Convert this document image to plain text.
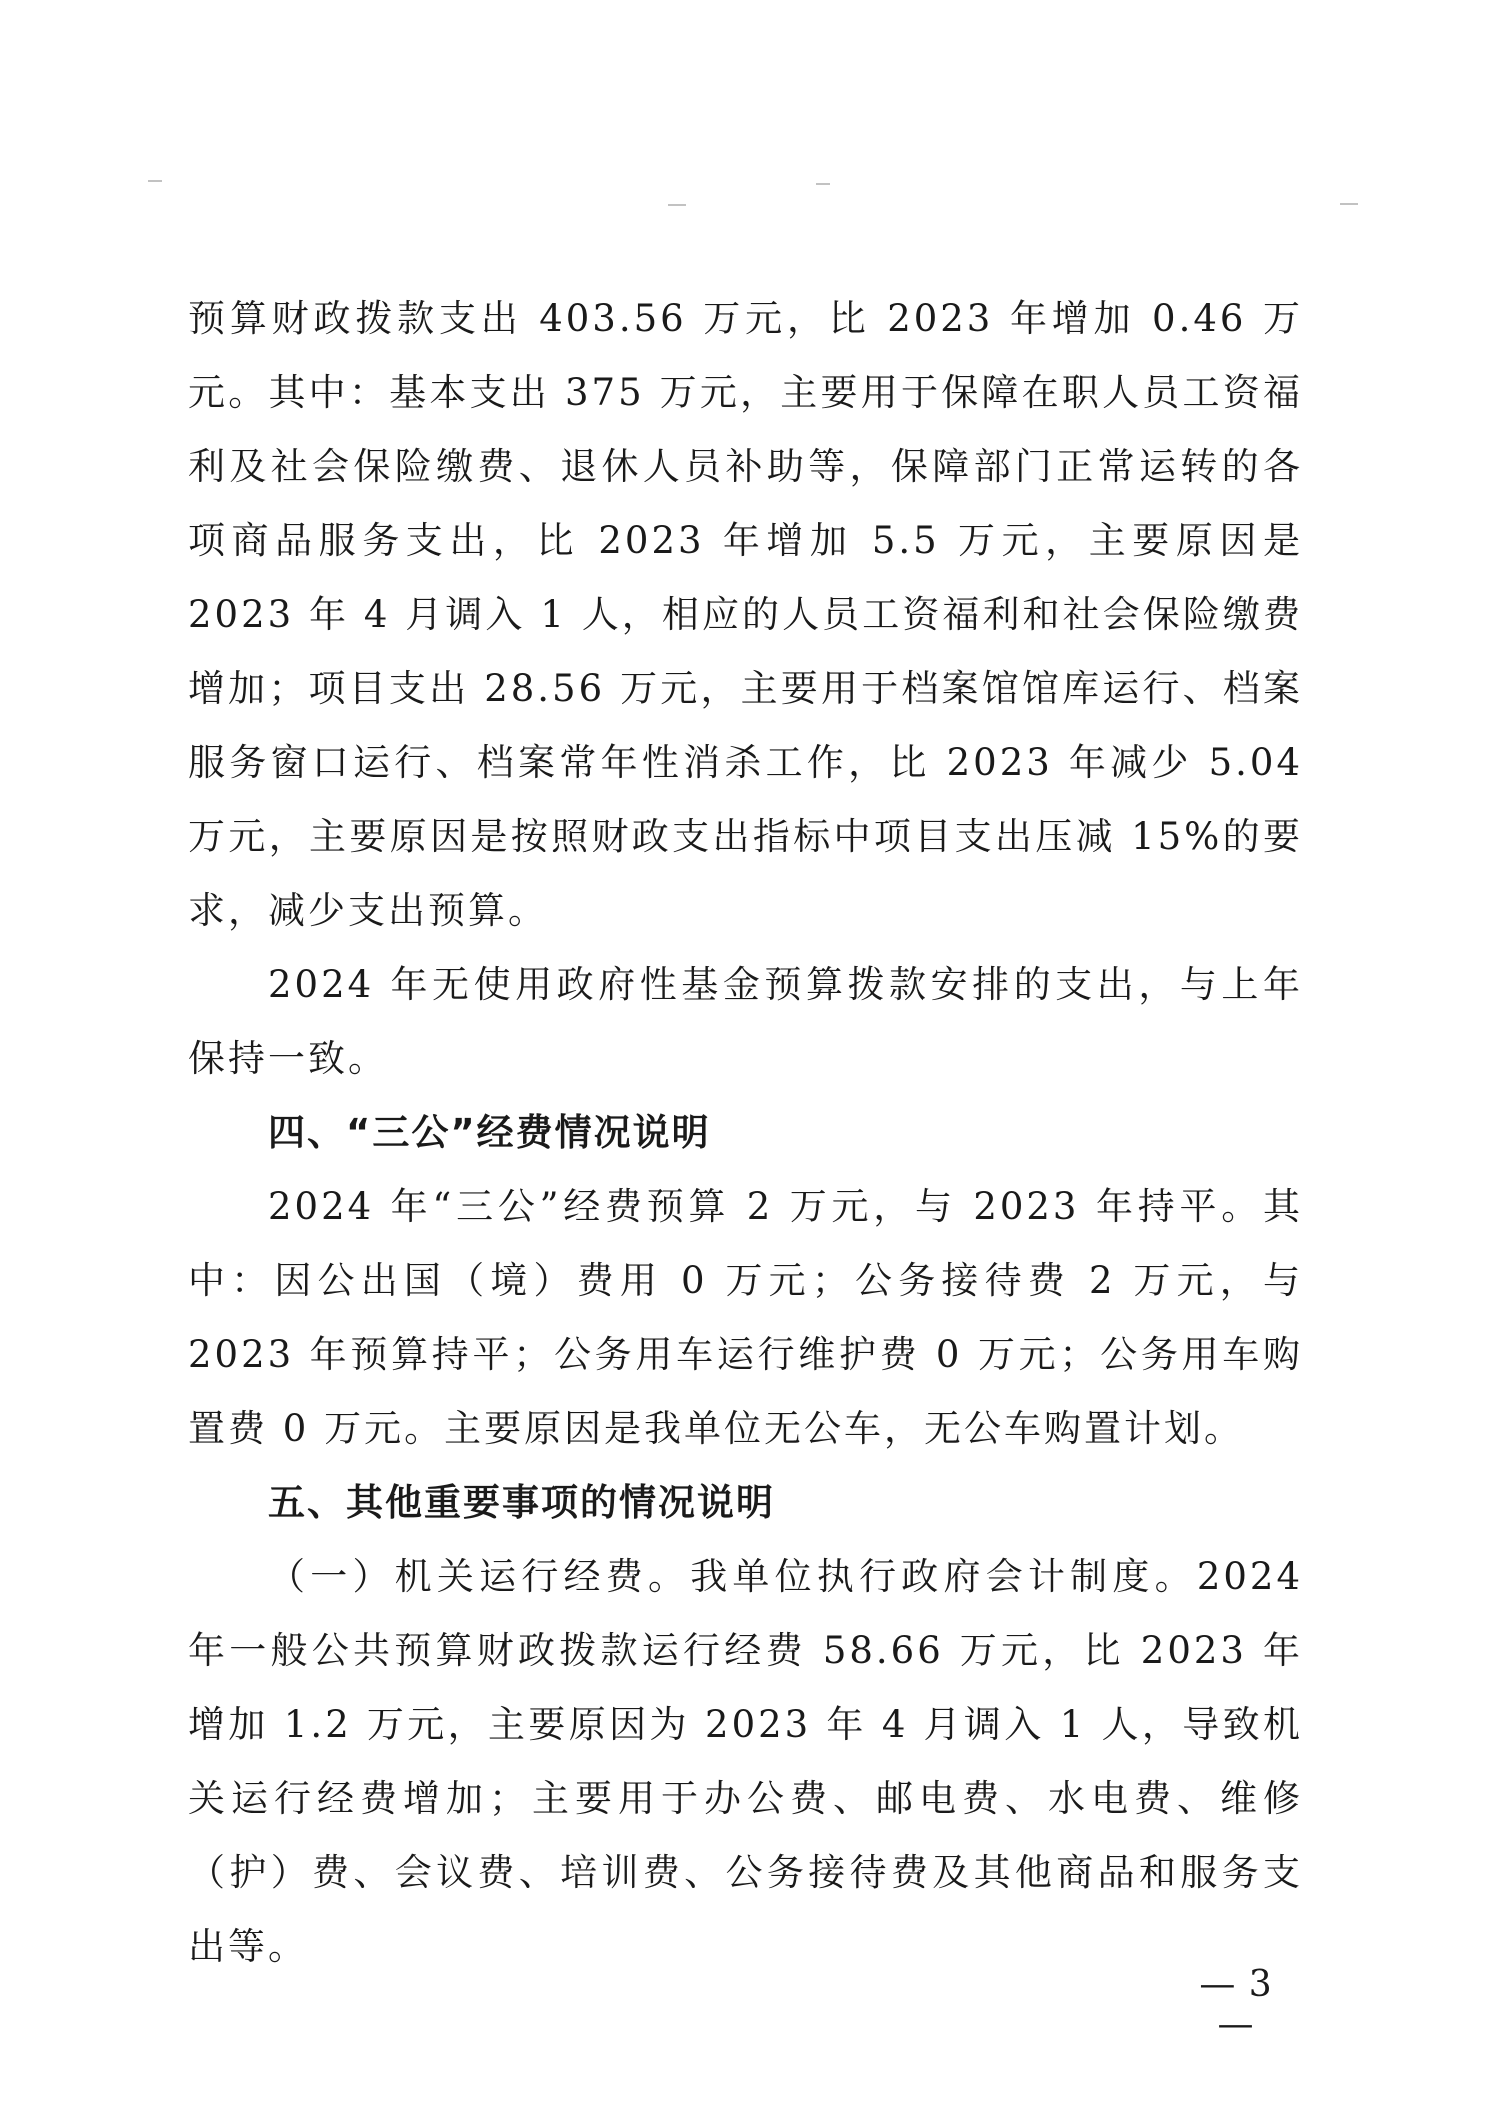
预算财政拨款支出 403.56 万元，比 2023 年增加 0.46 万元。其中：基本支出 375 万元，主要用于保障在职人员工资福利及社会保险缴费、退休人员补助等，保障部门正常运转的各项商品服务支出，比 2023 年增加 5.5 万元，主要原因是 2023 年 4 月调入 1 人，相应的人员工资福利和社会保险缴费增加；项目支出 28.56 万元，主要用于档案馆馆库运行、档案服务窗口运行、档案常年性消杀工作，比 2023 年减少 5.04 万元，主要原因是按照财政支出指标中项目支出压减 15%的要求，减少支出预算。

2024 年无使用政府性基金预算拨款安排的支出，与上年保持一致。

四、“三公”经费情况说明

2024 年“三公”经费预算 2 万元，与 2023 年持平。其中：因公出国（境）费用 0 万元；公务接待费 2 万元，与 2023 年预算持平；公务用车运行维护费 0 万元；公务用车购置费 0 万元。主要原因是我单位无公车，无公车购置计划。

五、其他重要事项的情况说明

（一）机关运行经费。我单位执行政府会计制度。2024 年一般公共预算财政拨款运行经费 58.66 万元，比 2023 年增加 1.2 万元，主要原因为 2023 年 4 月调入 1 人，导致机关运行经费增加；主要用于办公费、邮电费、水电费、维修（护）费、会议费、培训费、公务接待费及其他商品和服务支出等。

— 3 —
